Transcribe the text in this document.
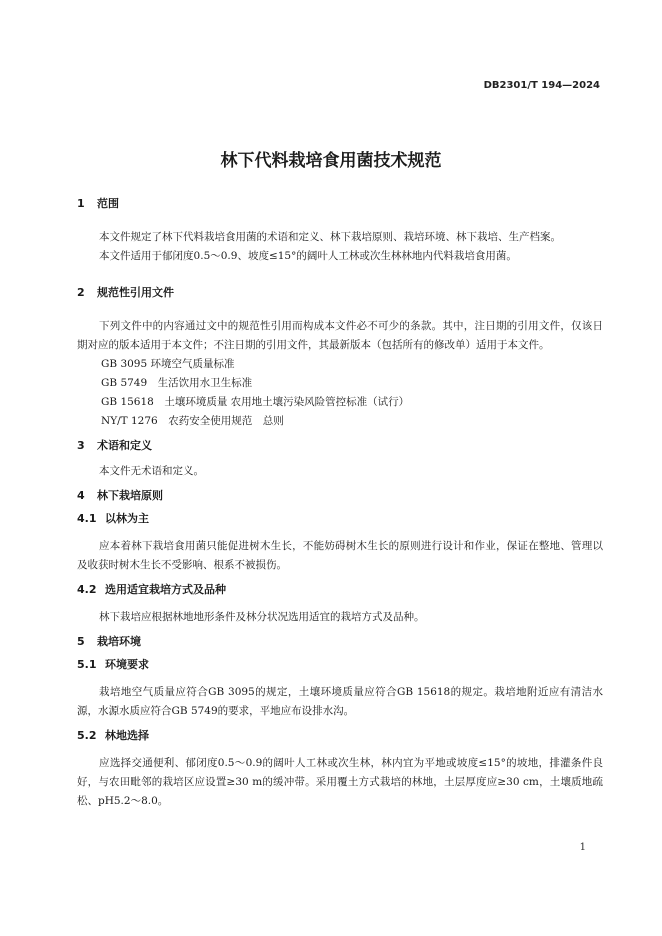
DB2301/T 194—2024
林下代料栽培食用菌技术规范
1 范围

本文件规定了林下代料栽培食用菌的术语和定义、林下栽培原则、栽培环境、林下栽培、生产档案。

本文件适用于郁闭度0.5～0.9、坡度≤15°的阔叶人工林或次生林林地内代料栽培食用菌。

2 规范性引用文件

下列文件中的内容通过文中的规范性引用而构成本文件必不可少的条款。其中，注日期的引用文件，仅该日期对应的版本适用于本文件；不注日期的引用文件，其最新版本（包括所有的修改单）适用于本文件。

GB 3095 环境空气质量标准

GB 5749　生活饮用水卫生标准

GB 15618　土壤环境质量 农用地土壤污染风险管控标准（试行）

NY/T 1276　农药安全使用规范　总则

3 术语和定义

本文件无术语和定义。

4 林下栽培原则
4.1 以林为主

应本着林下栽培食用菌只能促进树木生长，不能妨碍树木生长的原则进行设计和作业，保证在整地、管理以及收获时树木生长不受影响、根系不被损伤。

4.2 选用适宜栽培方式及品种

林下栽培应根据林地地形条件及林分状况选用适宜的栽培方式及品种。

5 栽培环境
5.1 环境要求

栽培地空气质量应符合GB 3095的规定，土壤环境质量应符合GB 15618的规定。栽培地附近应有清洁水源，水源水质应符合GB 5749的要求，平地应布设排水沟。

5.2 林地选择

应选择交通便利、郁闭度0.5～0.9的阔叶人工林或次生林，林内宜为平地或坡度≤15°的坡地，排灌条件良好，与农田毗邻的栽培区应设置≥30 m的缓冲带。采用覆土方式栽培的林地，土层厚度应≥30 cm，土壤质地疏松、pH5.2～8.0。

1
